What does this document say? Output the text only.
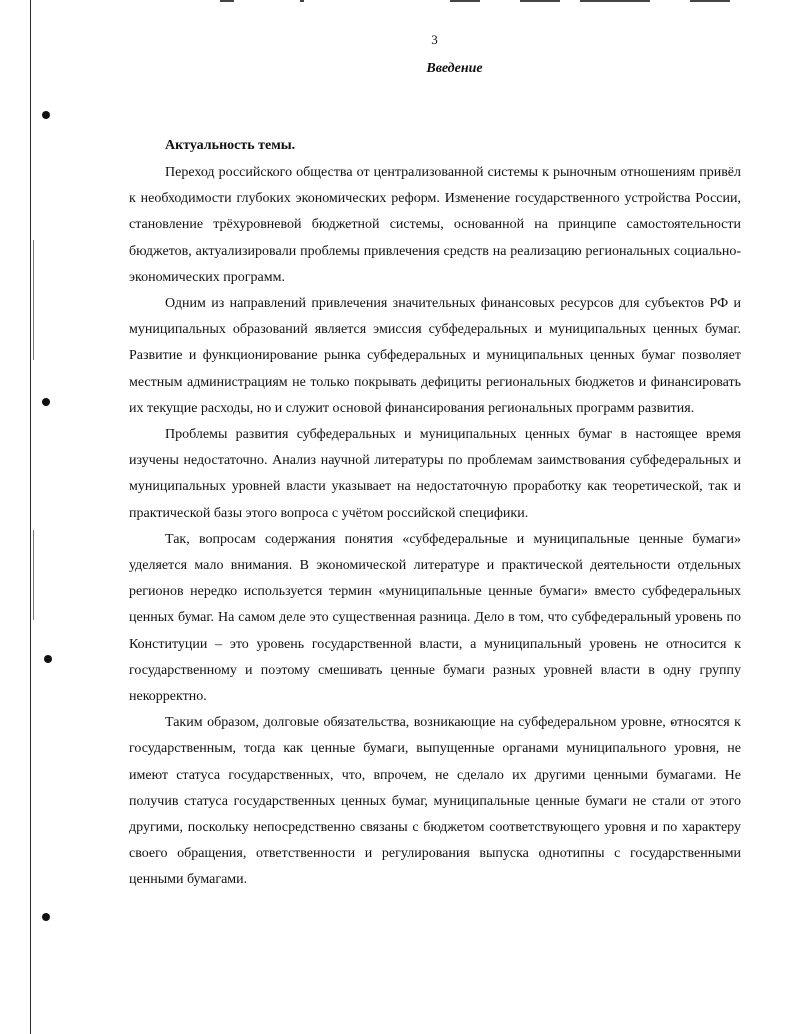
3
Введение
Актуальность темы.

Переход российского общества от централизованной системы к рыночным отношениям привёл к необходимости глубоких экономических реформ. Изменение государственного устройства России, становление трёхуровневой бюджетной системы, основанной на принципе самостоятельности бюджетов, актуализировали проблемы привлечения средств на реализацию региональных социально-экономических программ.

Одним из направлений привлечения значительных финансовых ресурсов для субъектов РФ и муниципальных образований является эмиссия субфедеральных и муниципальных ценных бумаг. Развитие и функционирование рынка субфедеральных и муниципальных ценных бумаг позволяет местным администрациям не только покрывать дефициты региональных бюджетов и финансировать их текущие расходы, но и служит основой финансирования региональных программ развития.

Проблемы развития субфедеральных и муниципальных ценных бумаг в настоящее время изучены недостаточно. Анализ научной литературы по проблемам заимствования субфедеральных и муниципальных уровней власти указывает на недостаточную проработку как теоретической, так и практической базы этого вопроса с учётом российской специфики.

Так, вопросам содержания понятия «субфедеральные и муниципальные ценные бумаги» уделяется мало внимания. В экономической литературе и практической деятельности отдельных регионов нередко используется термин «муниципальные ценные бумаги» вместо субфедеральных ценных бумаг. На самом деле это существенная разница. Дело в том, что субфедеральный уровень по Конституции – это уровень государственной власти, а муниципальный уровень не относится к государственному и поэтому смешивать ценные бумаги разных уровней власти в одну группу некорректно.

Таким образом, долговые обязательства, возникающие на субфедеральном уровне, относятся к государственным, тогда как ценные бумаги, выпущенные органами муниципального уровня, не имеют статуса государственных, что, впрочем, не сделало их другими ценными бумагами. Не получив статуса государственных ценных бумаг, муниципальные ценные бумаги не стали от этого другими, поскольку непосредственно связаны с бюджетом соответствующего уровня и по характеру своего обращения, ответственности и регулирования выпуска однотипны с государственными ценными бумагами.
